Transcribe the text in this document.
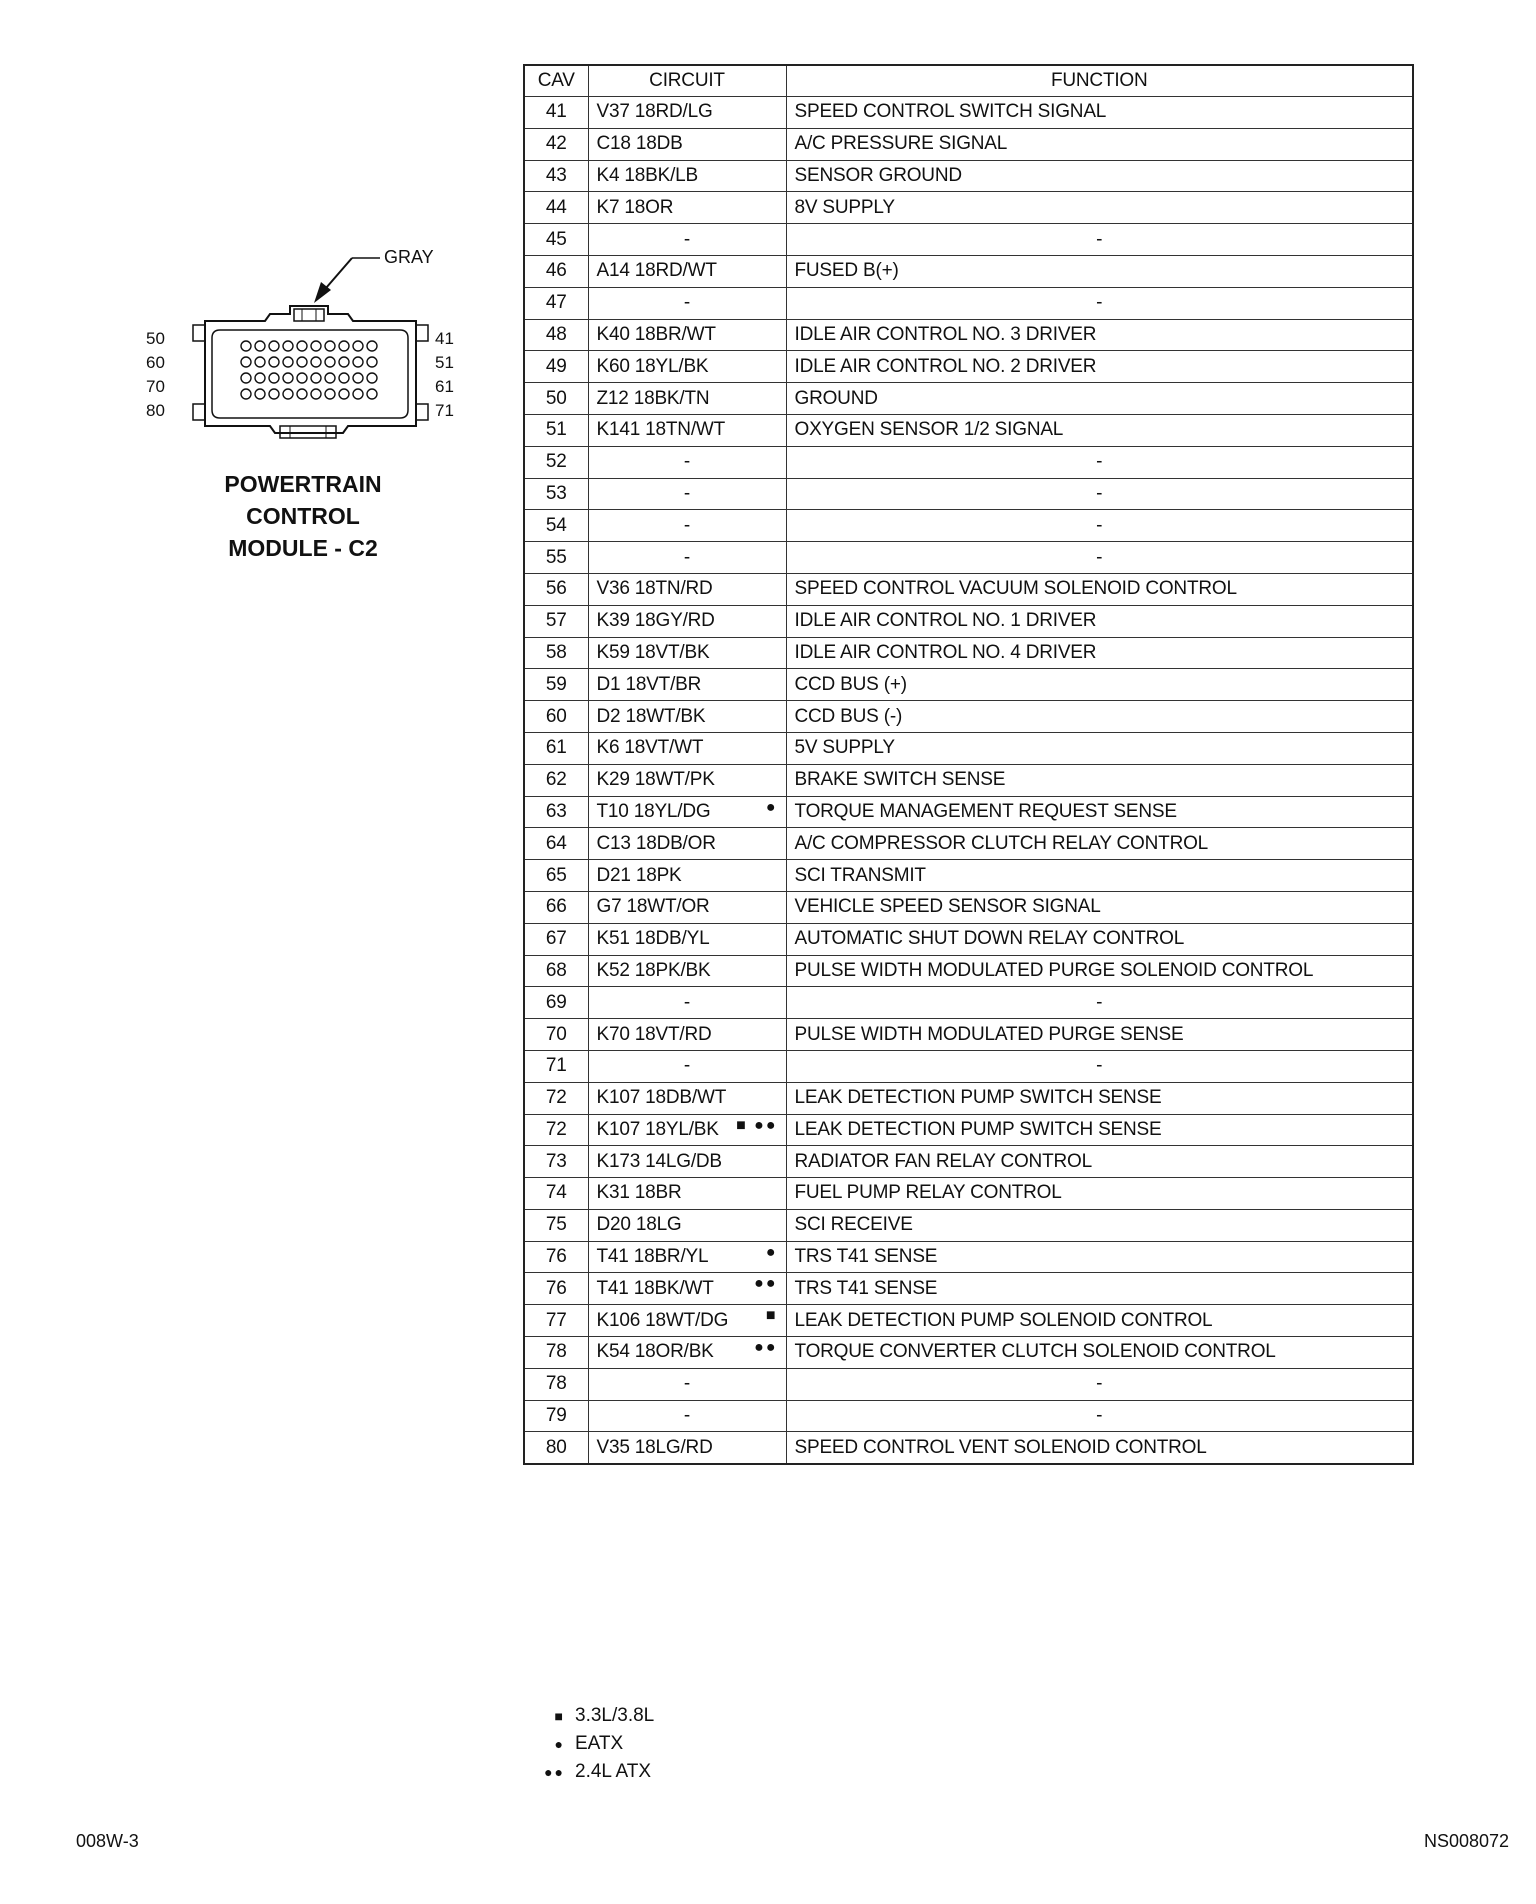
50
60
70
80
41
51
61
71
GRAY
POWERTRAIN
CONTROL
MODULE - C2
CAV	CIRCUIT	FUNCTION
41	V37 18RD/LG	SPEED CONTROL SWITCH SIGNAL
42	C18 18DB	A/C PRESSURE SIGNAL
43	K4 18BK/LB	SENSOR GROUND
44	K7 18OR	8V SUPPLY
45	-	-
46	A14 18RD/WT	FUSED B(+)
47	-	-
48	K40 18BR/WT	IDLE AIR CONTROL NO. 3 DRIVER
49	K60 18YL/BK	IDLE AIR CONTROL NO. 2 DRIVER
50	Z12 18BK/TN	GROUND
51	K141 18TN/WT	OXYGEN SENSOR 1/2 SIGNAL
52	-	-
53	-	-
54	-	-
55	-	-
56	V36 18TN/RD	SPEED CONTROL VACUUM SOLENOID CONTROL
57	K39 18GY/RD	IDLE AIR CONTROL NO. 1 DRIVER
58	K59 18VT/BK	IDLE AIR CONTROL NO. 4 DRIVER
59	D1 18VT/BR	CCD BUS (+)
60	D2 18WT/BK	CCD BUS (-)
61	K6 18VT/WT	5V SUPPLY
62	K29 18WT/PK	BRAKE SWITCH SENSE
63	T10 18YL/DG ●	TORQUE MANAGEMENT REQUEST SENSE
64	C13 18DB/OR	A/C COMPRESSOR CLUTCH RELAY CONTROL
65	D21 18PK	SCI TRANSMIT
66	G7 18WT/OR	VEHICLE SPEED SENSOR SIGNAL
67	K51 18DB/YL	AUTOMATIC SHUT DOWN RELAY CONTROL
68	K52 18PK/BK	PULSE WIDTH MODULATED PURGE SOLENOID CONTROL
69	-	-
70	K70 18VT/RD	PULSE WIDTH MODULATED PURGE SENSE
71	-	-
72	K107 18DB/WT	LEAK DETECTION PUMP SWITCH SENSE
72	K107 18YL/BK ■ ●●	LEAK DETECTION PUMP SWITCH SENSE
73	K173 14LG/DB	RADIATOR FAN RELAY CONTROL
74	K31 18BR	FUEL PUMP RELAY CONTROL
75	D20 18LG	SCI RECEIVE
76	T41 18BR/YL ●	TRS T41 SENSE
76	T41 18BK/WT ●●	TRS T41 SENSE
77	K106 18WT/DG ■	LEAK DETECTION PUMP SOLENOID CONTROL
78	K54 18OR/BK ●●	TORQUE CONVERTER CLUTCH SOLENOID CONTROL
78	-	-
79	-	-
80	V35 18LG/RD	SPEED CONTROL VENT SOLENOID CONTROL
■ 3.3L/3.8L
● EATX
●● 2.4L ATX
008W-3	NS008072
